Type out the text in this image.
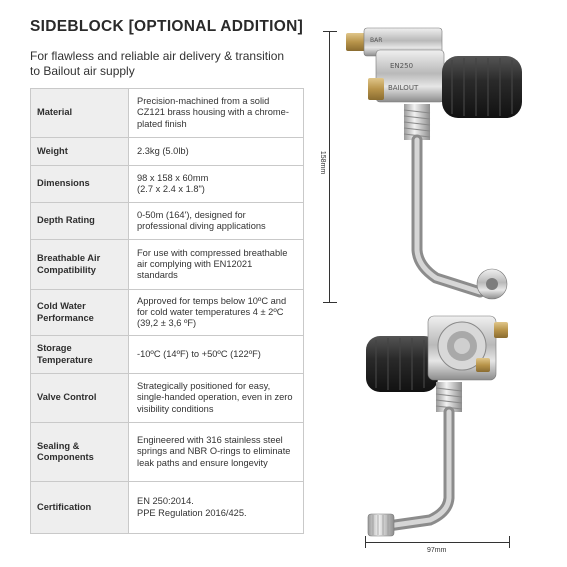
SIDEBLOCK [OPTIONAL ADDITION]
For flawless and reliable air delivery & transition to Bailout air supply
Material	Precision-machined from a solid CZ121 brass housing with a chrome-plated finish
Weight	2.3kg (5.0lb)
Dimensions	98 x 158 x 60mm
(2.7 x 2.4 x 1.8")
Depth Rating	0-50m (164'), designed for professional diving applications
Breathable Air Compatibility	For use with compressed breathable air complying with EN12021 standards
Cold Water Performance	Approved for temps below 10ºC and for cold water temperatures 4 ± 2ºC (39,2 ± 3,6 ºF)
Storage Temperature	-10ºC (14ºF) to +50ºC (122ºF)
Valve Control	Strategically positioned for easy, single-handed operation, even in zero visibility conditions
Sealing & Components	Engineered with 316 stainless steel springs and NBR O-rings to eliminate leak paths and ensure longevity
Certification	EN 250:2014.
PPE Regulation 2016/425.
158mm
97mm
BAR
EN250
BAILOUT
